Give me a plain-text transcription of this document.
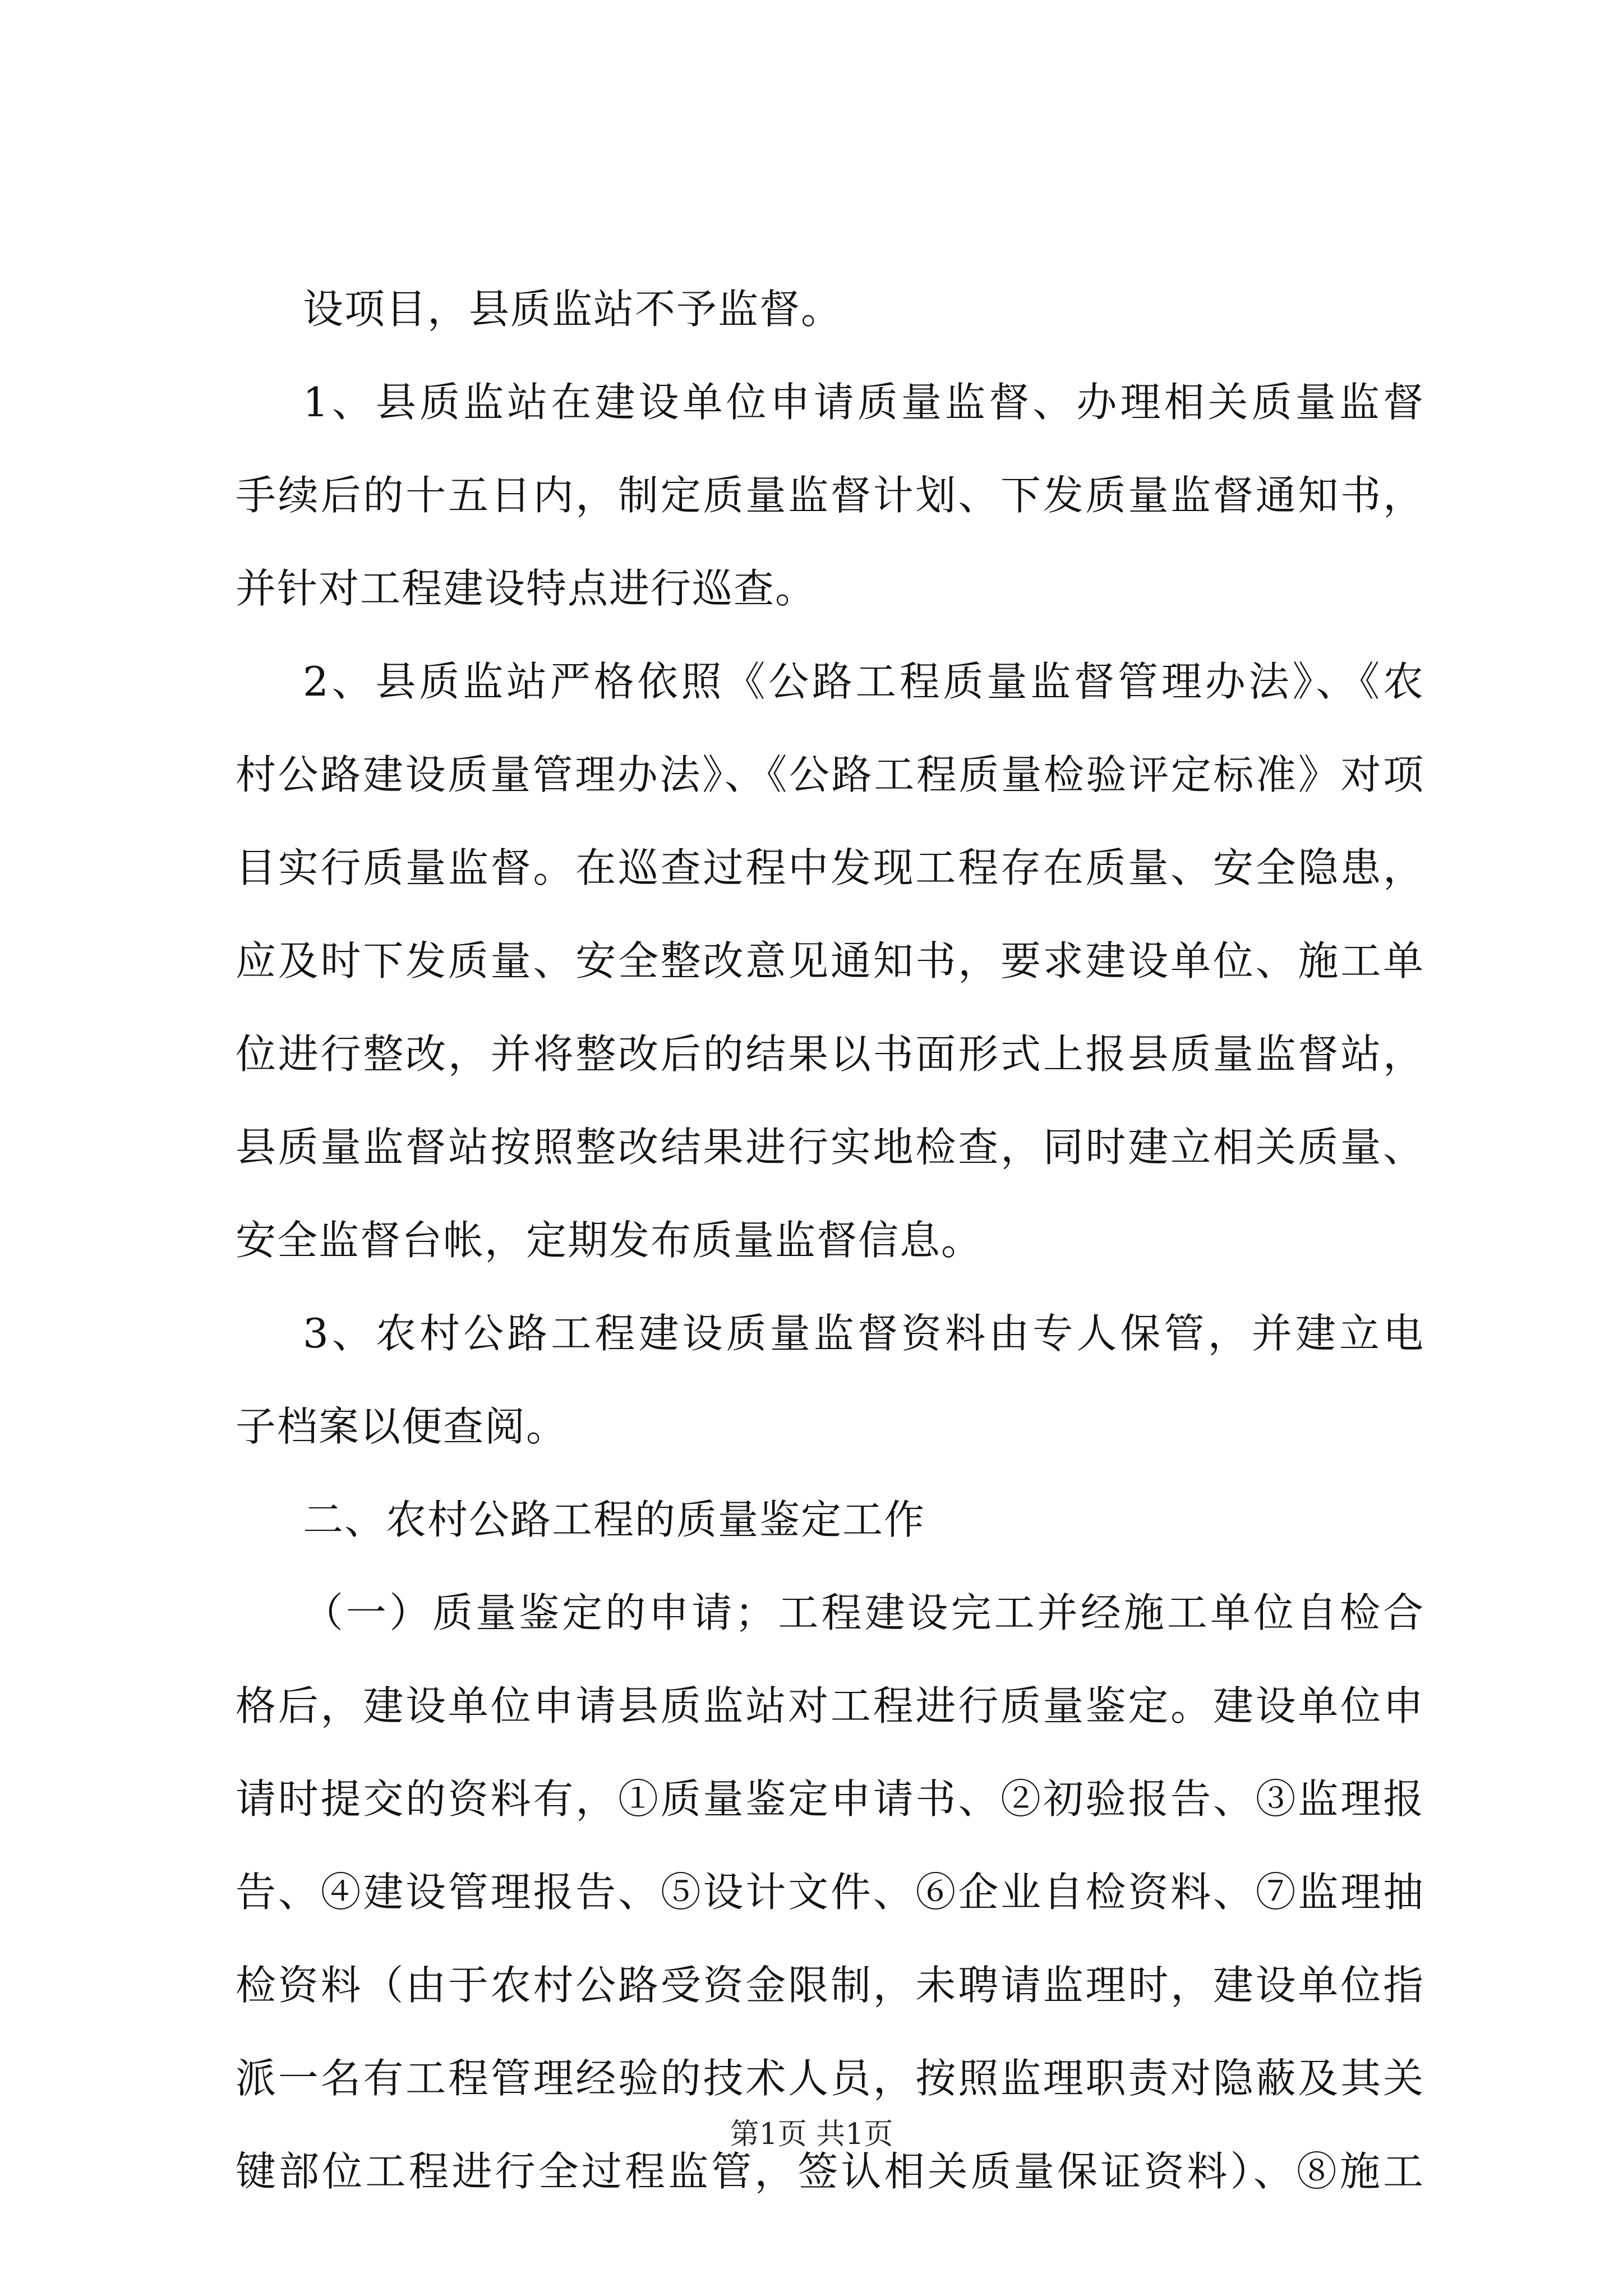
设项目，县质监站不予监督。
1、县质监站在建设单位申请质量监督、办理相关质量监督
手续后的十五日内，制定质量监督计划、下发质量监督通知书，
并针对工程建设特点进行巡查。
2、县质监站严格依照《公路工程质量监督管理办法》、《农
村公路建设质量管理办法》、《公路工程质量检验评定标准》对项
目实行质量监督。在巡查过程中发现工程存在质量、安全隐患，
应及时下发质量、安全整改意见通知书，要求建设单位、施工单
位进行整改，并将整改后的结果以书面形式上报县质量监督站，
县质量监督站按照整改结果进行实地检查，同时建立相关质量、
安全监督台帐，定期发布质量监督信息。
3、农村公路工程建设质量监督资料由专人保管，并建立电
子档案以便查阅。
二、农村公路工程的质量鉴定工作
（一）质量鉴定的申请；工程建设完工并经施工单位自检合
格后，建设单位申请县质监站对工程进行质量鉴定。建设单位申
请时提交的资料有，①质量鉴定申请书、②初验报告、③监理报
告、④建设管理报告、⑤设计文件、⑥企业自检资料、⑦监理抽
检资料（由于农村公路受资金限制，未聘请监理时，建设单位指
派一名有工程管理经验的技术人员，按照监理职责对隐蔽及其关
键部位工程进行全过程监管，签认相关质量保证资料）、⑧施工
第1页 共1页
